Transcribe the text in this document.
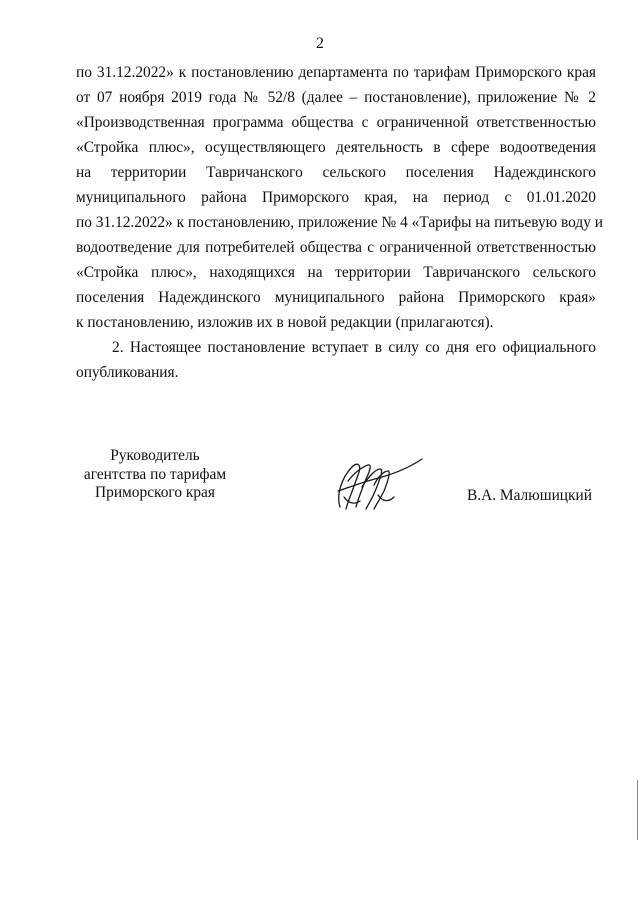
2

по 31.12.2022» к постановлению департамента по тарифам Приморского края
от 07 ноября 2019 года № 52/8 (далее – постановление), приложение № 2
«Производственная программа общества с ограниченной ответственностью
«Стройка плюс», осуществляющего деятельность в сфере водоотведения
на территории Тавричанского сельского поселения Надеждинского
муниципального района Приморского края, на период с 01.01.2020
по 31.12.2022» к постановлению, приложение № 4 «Тарифы на питьевую воду и
водоотведение для потребителей общества с ограниченной ответственностью
«Стройка плюс», находящихся на территории Тавричанского сельского
поселения Надеждинского муниципального района Приморского края»
к постановлению, изложив их в новой редакции (прилагаются).

2. Настоящее постановление вступает в силу со дня его официального
опубликования.

Руководитель
агентства по тарифам
Приморского края	В.А. Малюшицкий
